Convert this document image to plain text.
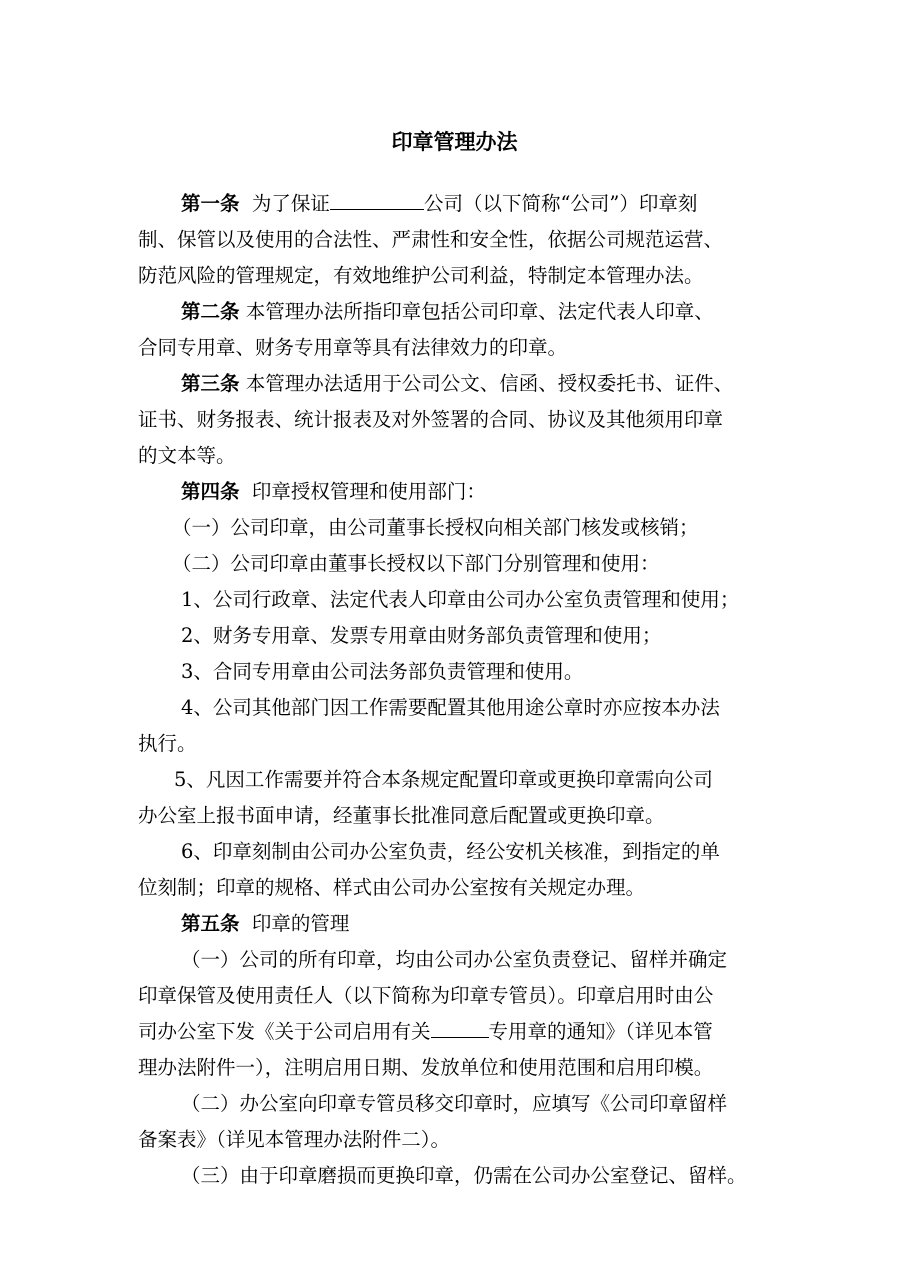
印章管理办法
第一条 为了保证	公司（以下简称“公司”）印章刻
制、保管以及使用的合法性、严肃性和安全性，依据公司规范运营、
防范风险的管理规定，有效地维护公司利益，特制定本管理办法。
第二条 本管理办法所指印章包括公司印章、法定代表人印章、
合同专用章、财务专用章等具有法律效力的印章。
第三条 本管理办法适用于公司公文、信函、授权委托书、证件、
证书、财务报表、统计报表及对外签署的合同、协议及其他须用印章
的文本等。
第四条 印章授权管理和使用部门：
（一）公司印章，由公司董事长授权向相关部门核发或核销；
（二）公司印章由董事长授权以下部门分别管理和使用：
1、公司行政章、法定代表人印章由公司办公室负责管理和使用；
2、财务专用章、发票专用章由财务部负责管理和使用；
3、合同专用章由公司法务部负责管理和使用。
4、公司其他部门因工作需要配置其他用途公章时亦应按本办法
执行。
5、凡因工作需要并符合本条规定配置印章或更换印章需向公司
办公室上报书面申请，经董事长批准同意后配置或更换印章。
6、印章刻制由公司办公室负责，经公安机关核准，到指定的单
位刻制；印章的规格、样式由公司办公室按有关规定办理。
第五条 印章的管理
（一）公司的所有印章，均由公司办公室负责登记、留样并确定
印章保管及使用责任人（以下简称为印章专管员）。印章启用时由公
司办公室下发《关于公司启用有关	专用章的通知》（详见本管
理办法附件一），注明启用日期、发放单位和使用范围和启用印模。
（二）办公室向印章专管员移交印章时，应填写《公司印章留样
备案表》（详见本管理办法附件二）。
（三）由于印章磨损而更换印章，仍需在公司办公室登记、留样。
